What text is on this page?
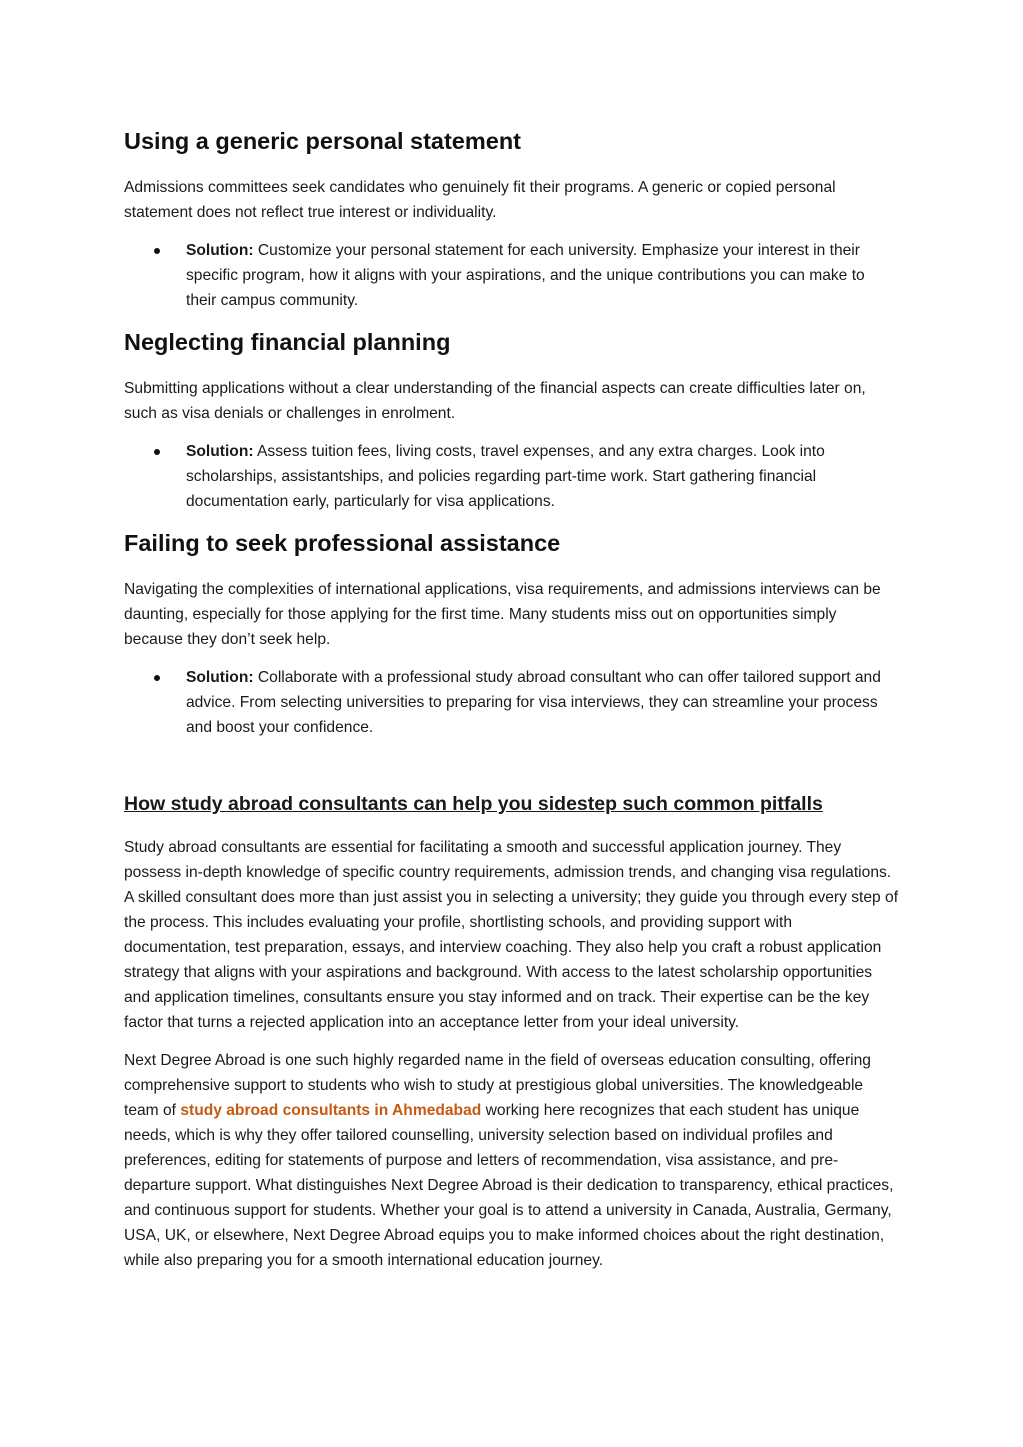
Using a generic personal statement

Admissions committees seek candidates who genuinely fit their programs. A generic or copied personal statement does not reflect true interest or individuality.

Solution: Customize your personal statement for each university. Emphasize your interest in their specific program, how it aligns with your aspirations, and the unique contributions you can make to their campus community.
Neglecting financial planning

Submitting applications without a clear understanding of the financial aspects can create difficulties later on, such as visa denials or challenges in enrolment.

Solution: Assess tuition fees, living costs, travel expenses, and any extra charges. Look into scholarships, assistantships, and policies regarding part-time work. Start gathering financial documentation early, particularly for visa applications.
Failing to seek professional assistance

Navigating the complexities of international applications, visa requirements, and admissions interviews can be daunting, especially for those applying for the first time. Many students miss out on opportunities simply because they don’t seek help.

Solution: Collaborate with a professional study abroad consultant who can offer tailored support and advice. From selecting universities to preparing for visa interviews, they can streamline your process and boost your confidence.
How study abroad consultants can help you sidestep such common pitfalls

Study abroad consultants are essential for facilitating a smooth and successful application journey. They possess in-depth knowledge of specific country requirements, admission trends, and changing visa regulations. A skilled consultant does more than just assist you in selecting a university; they guide you through every step of the process. This includes evaluating your profile, shortlisting schools, and providing support with documentation, test preparation, essays, and interview coaching. They also help you craft a robust application strategy that aligns with your aspirations and background. With access to the latest scholarship opportunities and application timelines, consultants ensure you stay informed and on track. Their expertise can be the key factor that turns a rejected application into an acceptance letter from your ideal university.

Next Degree Abroad is one such highly regarded name in the field of overseas education consulting, offering comprehensive support to students who wish to study at prestigious global universities. The knowledgeable team of study abroad consultants in Ahmedabad working here recognizes that each student has unique needs, which is why they offer tailored counselling, university selection based on individual profiles and preferences, editing for statements of purpose and letters of recommendation, visa assistance, and pre-departure support. What distinguishes Next Degree Abroad is their dedication to transparency, ethical practices, and continuous support for students. Whether your goal is to attend a university in Canada, Australia, Germany, USA, UK, or elsewhere, Next Degree Abroad equips you to make informed choices about the right destination, while also preparing you for a smooth international education journey.
